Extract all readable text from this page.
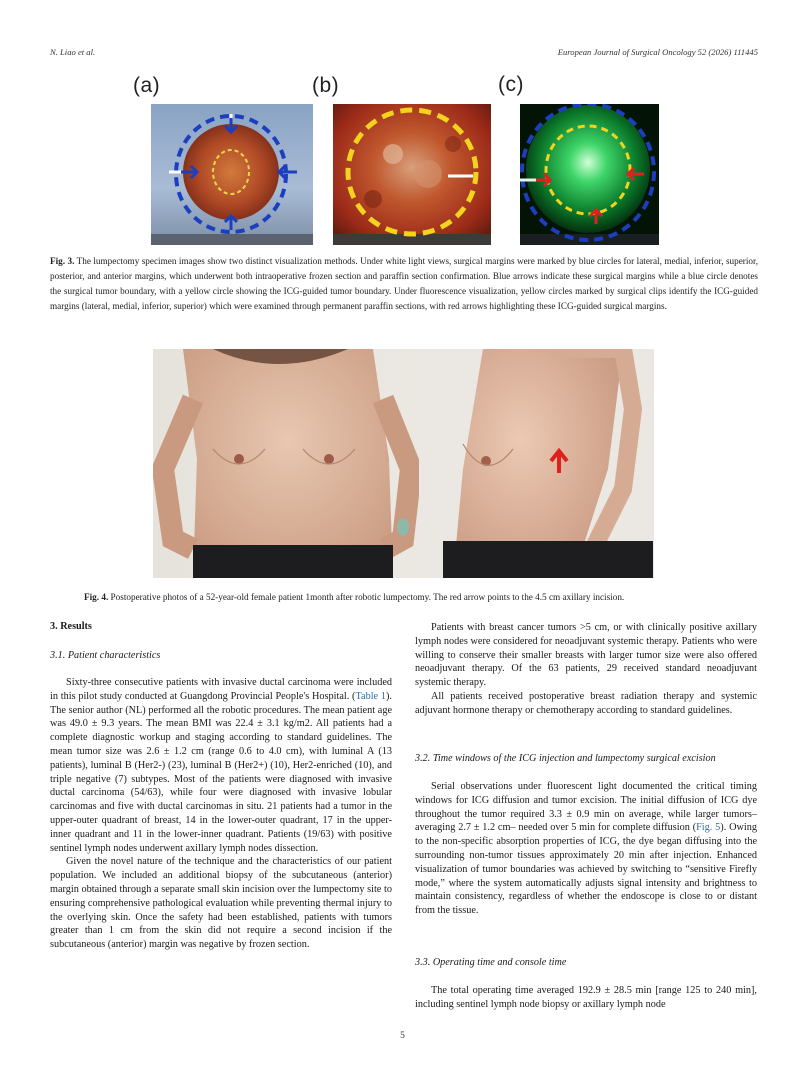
N. Liao et al.	European Journal of Surgical Oncology 52 (2026) 111445
(a)	(b)	(c)
Fig. 3. The lumpectomy specimen images show two distinct visualization methods. Under white light views, surgical margins were marked by blue circles for lateral, medial, inferior, superior, posterior, and anterior margins, which underwent both intraoperative frozen section and paraffin section confirmation. Blue arrows indicate these surgical margins while a blue circle denotes the surgical tumor boundary, with a yellow circle showing the ICG-guided tumor boundary. Under fluorescence visualization, yellow circles marked by surgical clips identify the ICG-guided margins (lateral, medial, inferior, superior) which were examined through permanent paraffin sections, with red arrows highlighting these ICG-guided surgical margins.
Fig. 4. Postoperative photos of a 52-year-old female patient 1month after robotic lumpectomy. The red arrow points to the 4.5 cm axillary incision.
3. Results
3.1. Patient characteristics

Sixty-three consecutive patients with invasive ductal carcinoma were included in this pilot study conducted at Guangdong Provincial People's Hospital. (Table 1). The senior author (NL) performed all the robotic procedures. The mean patient age was 49.0 ± 9.3 years. The mean BMI was 22.4 ± 3.1 kg/m2. All patients had a complete diagnostic workup and staging according to standard guidelines. The mean tumor size was 2.6 ± 1.2 cm (range 0.6 to 4.0 cm), with luminal A (13 patients), luminal B (Her2-) (23), luminal B (Her2+) (10), Her2-enriched (10), and triple negative (7) subtypes. Most of the patients were diagnosed with invasive ductal carcinoma (54/63), while four were diagnosed with invasive lobular carcinomas and five with ductal carcinomas in situ. 21 patients had a tumor in the upper-outer quadrant of breast, 14 in the lower-outer quadrant, 17 in the upper-inner quadrant and 11 in the lower-inner quadrant. Patients (19/63) with positive sentinel lymph nodes underwent axillary lymph nodes dissection.

Given the novel nature of the technique and the characteristics of our patient population. We included an additional biopsy of the subcutaneous (anterior) margin obtained through a separate small skin incision over the lumpectomy site to ensuring comprehensive pathological evaluation while preventing thermal injury to the overlying skin. Once the safety had been established, patients with tumors greater than 1 cm from the skin did not require a second incision if the subcutaneous (anterior) margin was negative by frozen section.

Patients with breast cancer tumors >5 cm, or with clinically positive axillary lymph nodes were considered for neoadjuvant systemic therapy. Patients who were willing to conserve their smaller breasts with larger tumor size were also offered neoadjuvant therapy. Of the 63 patients, 29 received standard neoadjuvant systemic therapy.

All patients received postoperative breast radiation therapy and systemic adjuvant hormone therapy or chemotherapy according to standard guidelines.

3.2. Time windows of the ICG injection and lumpectomy surgical excision

Serial observations under fluorescent light documented the critical timing windows for ICG diffusion and tumor excision. The initial diffusion of ICG dye throughout the tumor required 3.3 ± 0.9 min on average, while larger tumors– averaging 2.7 ± 1.2 cm– needed over 5 min for complete diffusion (Fig. 5). Owing to the non-specific absorption properties of ICG, the dye began diffusing into the surrounding non-tumor tissues approximately 20 min after injection. Enhanced visualization of tumor boundaries was achieved by switching to “sensitive Firefly mode,” where the system automatically adjusts signal intensity and brightness to maintain consistency, regardless of whether the endoscope is close to or distant from the tissue.

3.3. Operating time and console time

The total operating time averaged 192.9 ± 28.5 min [range 125 to 240 min], including sentinel lymph node biopsy or axillary lymph node

5
